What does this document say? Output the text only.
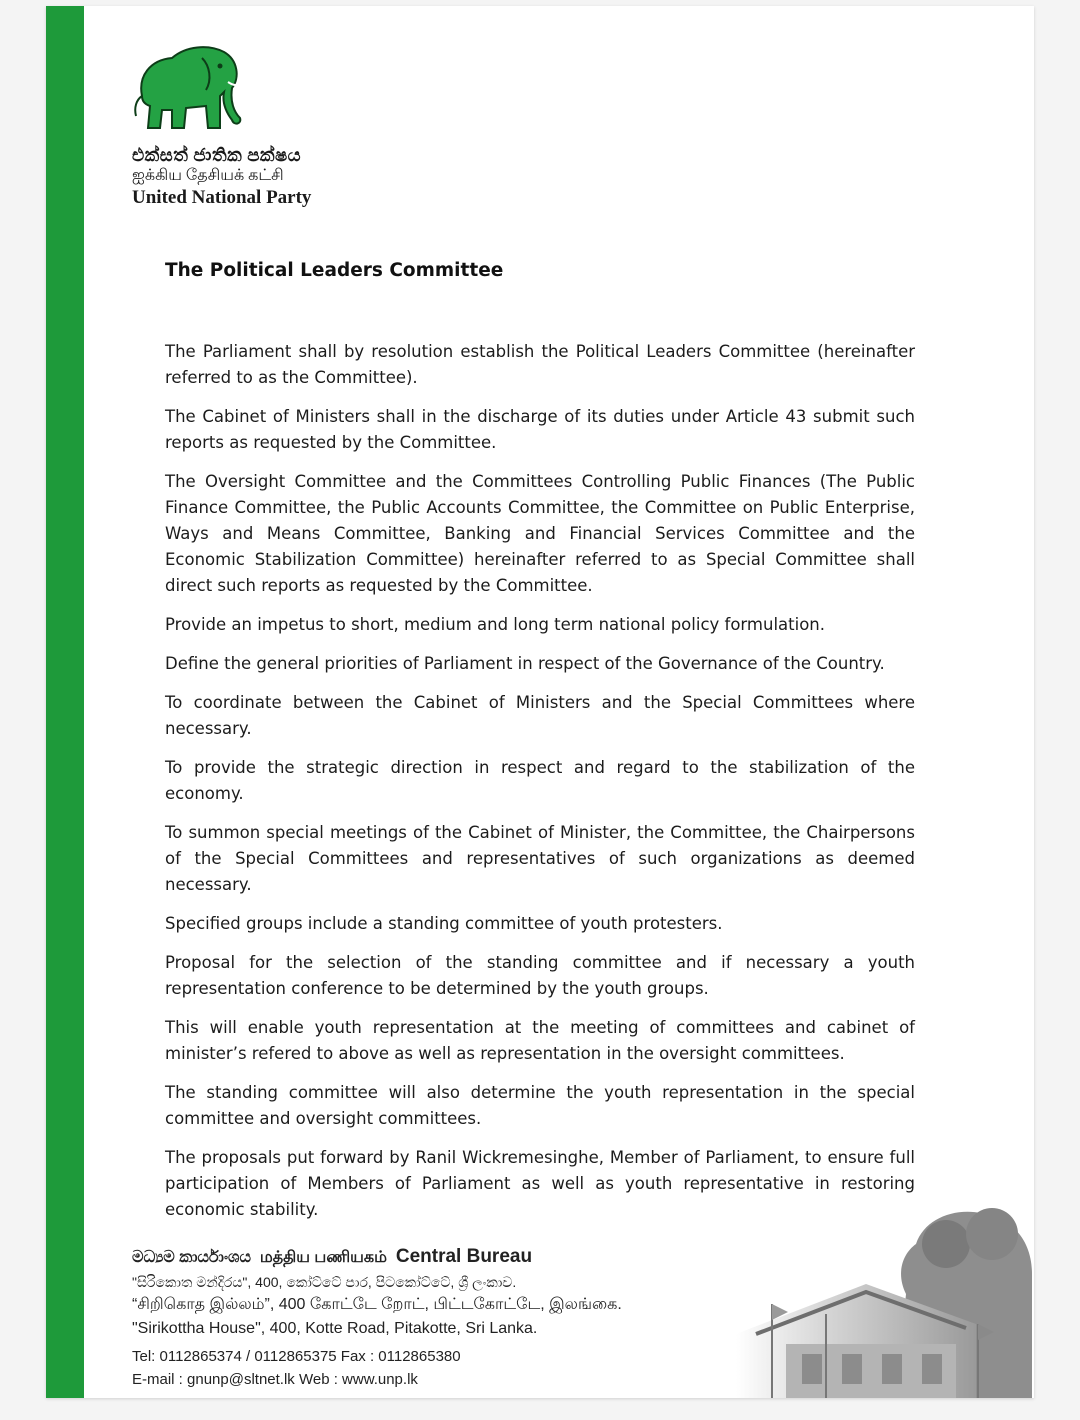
එක්සත් ජාතික පක්ෂය
ஐக்கிய தேசியக் கட்சி
United National Party
The Political Leaders Committee

The Parliament shall by resolution establish the Political Leaders Committee (hereinafter referred to as the Committee).

The Cabinet of Ministers shall in the discharge of its duties under Article 43 submit such reports as requested by the Committee.

The Oversight Committee and the Committees Controlling Public Finances (The Public Finance Committee, the Public Accounts Committee, the Committee on Public Enterprise, Ways and Means Committee, Banking and Financial Services Committee and the Economic Stabilization Committee) hereinafter referred to as Special Committee shall direct such reports as requested by the Committee.

Provide an impetus to short, medium and long term national policy formulation.

Define the general priorities of Parliament in respect of the Governance of the Country.

To coordinate between the Cabinet of Ministers and the Special Committees where necessary.

To provide the strategic direction in respect and regard to the stabilization of the economy.

To summon special meetings of the Cabinet of Minister, the Committee, the Chairpersons of the Special Committees and representatives of such organizations as deemed necessary.

Specified groups include a standing committee of youth protesters.

Proposal for the selection of the standing committee and if necessary a youth representation conference to be determined by the youth groups.

This will enable youth representation at the meeting of committees and cabinet of minister’s refered to above as well as representation in the oversight committees.

The standing committee will also determine the youth representation in the special committee and oversight committees.

The proposals put forward by Ranil Wickremesinghe, Member of Parliament, to ensure full participation of Members of Parliament as well as youth representative in restoring economic stability.

මධ්‍යම කාර්යාංශය மத்திய பணியகம் Central Bureau
"සිරිකොත මන්දිරය", 400, කෝට්ටේ පාර, පිටකෝට්ටේ, ශ්‍රී ලංකාව.
“சிறிகொத இல்லம்”, 400 கோட்டே றோட், பிட்டகோட்டே, இலங்கை.
"Sirikottha House", 400, Kotte Road, Pitakotte, Sri Lanka.
Tel: 0112865374 / 0112865375 Fax : 0112865380
E-mail : gnunp@sltnet.lk Web : www.unp.lk
